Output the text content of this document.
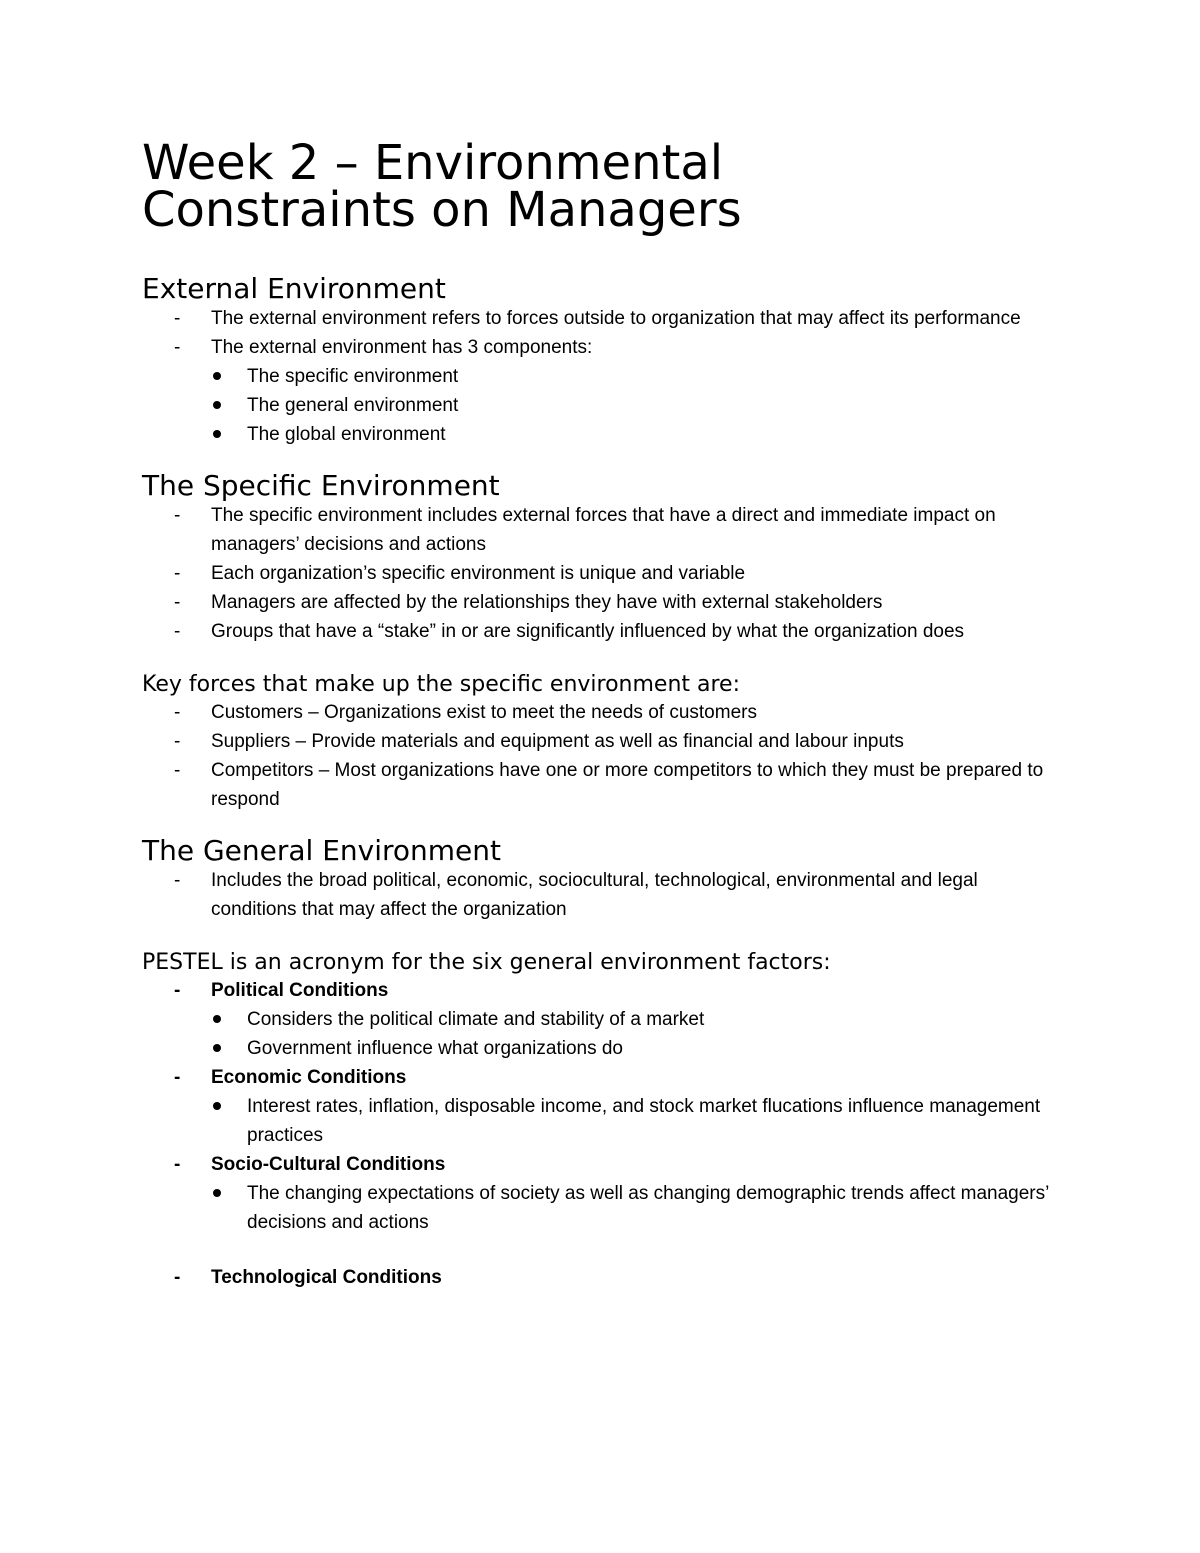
Week 2 – Environmental
Constraints on Managers
External Environment
- The external environment refers to forces outside to organization that may affect its performance
- The external environment has 3 components:
The specific environment
The general environment
The global environment
The Specific Environment
- The specific environment includes external forces that have a direct and immediate impact on managers’ decisions and actions
- Each organization’s specific environment is unique and variable
- Managers are affected by the relationships they have with external stakeholders
- Groups that have a “stake” in or are significantly influenced by what the organization does
Key forces that make up the specific environment are:
- Customers – Organizations exist to meet the needs of customers
- Suppliers – Provide materials and equipment as well as financial and labour inputs
- Competitors – Most organizations have one or more competitors to which they must be prepared to respond
The General Environment
- Includes the broad political, economic, sociocultural, technological, environmental and legal conditions that may affect the organization
PESTEL is an acronym for the six general environment factors:
- Political Conditions
Considers the political climate and stability of a market
Government influence what organizations do
- Economic Conditions
Interest rates, inflation, disposable income, and stock market flucations influence management practices
- Socio-Cultural Conditions
The changing expectations of society as well as changing demographic trends affect managers’ decisions and actions
- Technological Conditions
